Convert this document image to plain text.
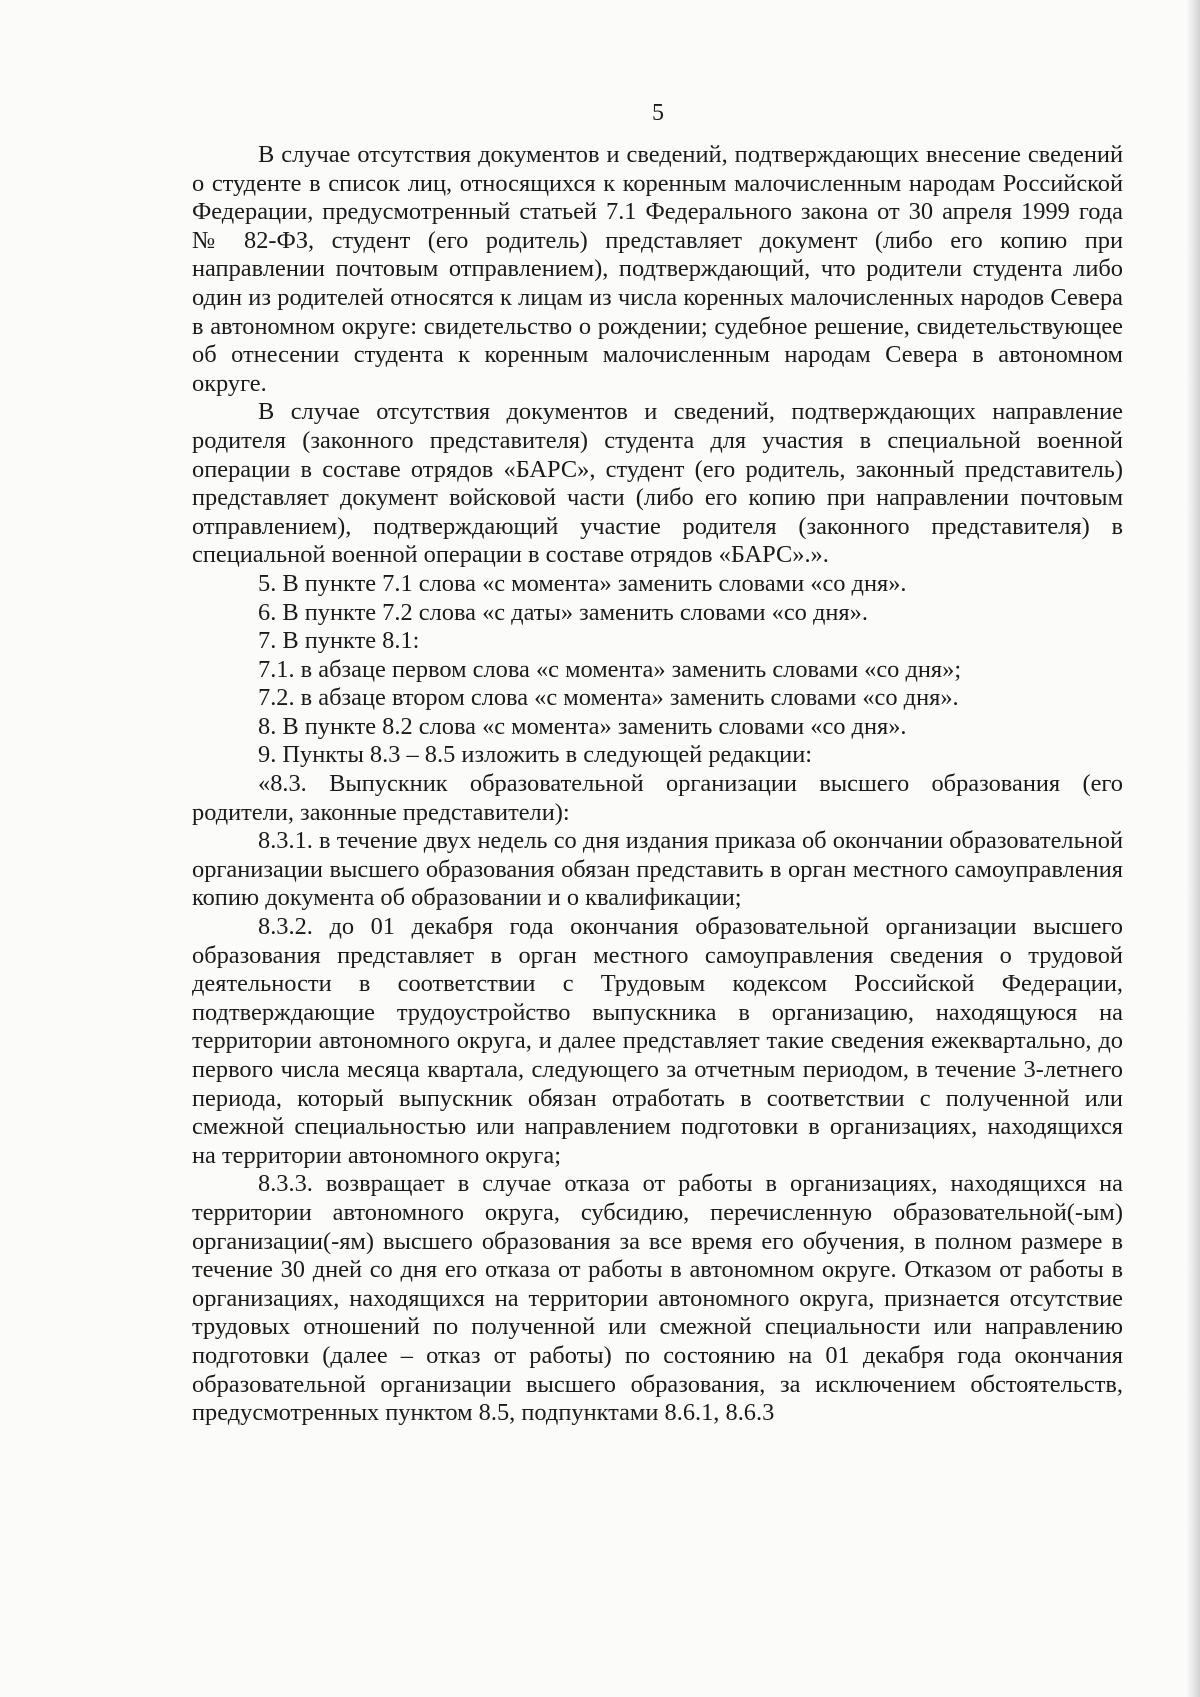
5

В случае отсутствия документов и сведений, подтверждающих внесение сведений о студенте в список лиц, относящихся к коренным малочисленным народам Российской Федерации, предусмотренный статьей 7.1 Федерального закона от 30 апреля 1999 года № 82-ФЗ, студент (его родитель) представляет документ (либо его копию при направлении почтовым отправлением), подтверждающий, что родители студента либо один из родителей относятся к лицам из числа коренных малочисленных народов Севера в автономном округе: свидетельство о рождении; судебное решение, свидетельствующее об отнесении студента к коренным малочисленным народам Севера в автономном округе.

В случае отсутствия документов и сведений, подтверждающих направление родителя (законного представителя) студента для участия в специальной военной операции в составе отрядов «БАРС», студент (его родитель, законный представитель) представляет документ войсковой части (либо его копию при направлении почтовым отправлением), подтверждающий участие родителя (законного представителя) в специальной военной операции в составе отрядов «БАРС».».

5. В пункте 7.1 слова «с момента» заменить словами «со дня».

6. В пункте 7.2 слова «с даты» заменить словами «со дня».

7. В пункте 8.1:

7.1. в абзаце первом слова «с момента» заменить словами «со дня»;

7.2. в абзаце втором слова «с момента» заменить словами «со дня».

8. В пункте 8.2 слова «с момента» заменить словами «со дня».

9. Пункты 8.3 – 8.5 изложить в следующей редакции:

«8.3. Выпускник образовательной организации высшего образования (его родители, законные представители):

8.3.1. в течение двух недель со дня издания приказа об окончании образовательной организации высшего образования обязан представить в орган местного самоуправления копию документа об образовании и о квалификации;

8.3.2. до 01 декабря года окончания образовательной организации высшего образования представляет в орган местного самоуправления сведения о трудовой деятельности в соответствии с Трудовым кодексом Российской Федерации, подтверждающие трудоустройство выпускника в организацию, находящуюся на территории автономного округа, и далее представляет такие сведения ежеквартально, до первого числа месяца квартала, следующего за отчетным периодом, в течение 3-летнего периода, который выпускник обязан отработать в соответствии с полученной или смежной специальностью или направлением подготовки в организациях, находящихся на территории автономного округа;

8.3.3. возвращает в случае отказа от работы в организациях, находящихся на территории автономного округа, субсидию, перечисленную образовательной(-ым) организации(-ям) высшего образования за все время его обучения, в полном размере в течение 30 дней со дня его отказа от работы в автономном округе. Отказом от работы в организациях, находящихся на территории автономного округа, признается отсутствие трудовых отношений по полученной или смежной специальности или направлению подготовки (далее – отказ от работы) по состоянию на 01 декабря года окончания образовательной организации высшего образования, за исключением обстоятельств, предусмотренных пунктом 8.5, подпунктами 8.6.1, 8.6.3
